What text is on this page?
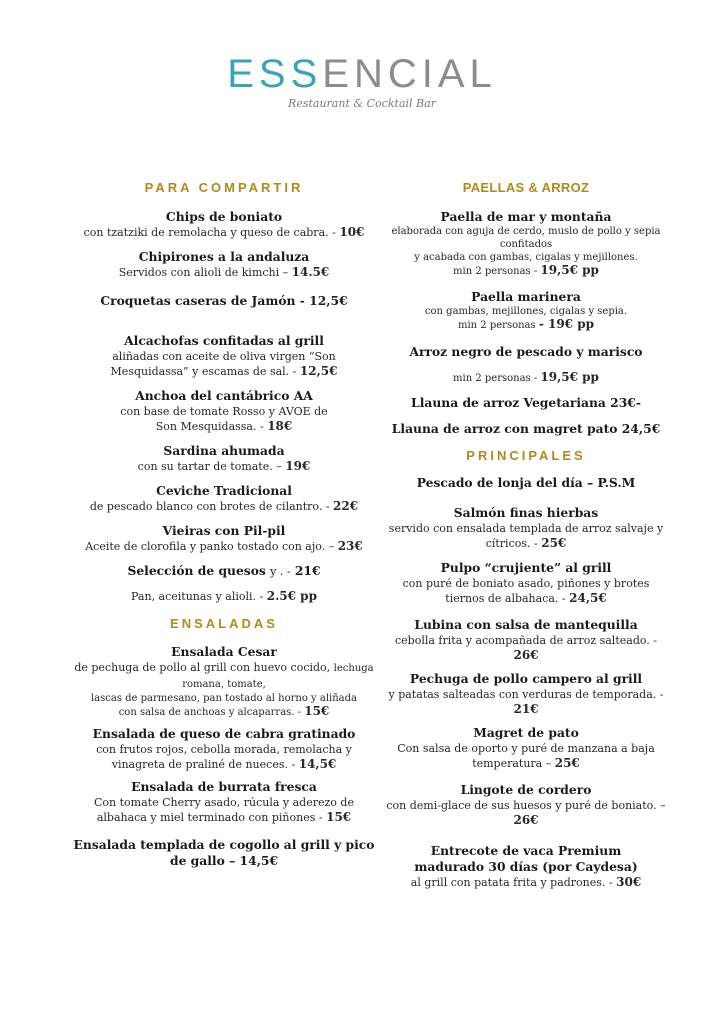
ESSENCIAL
Restaurant & Cocktail Bar
PARA COMPARTIR
Chips de boniato
con tzatziki de remolacha y queso de cabra. - 10€
Chipirones a la andaluza
Servidos con alioli de kimchi – 14.5€
Croquetas caseras de Jamón - 12,5€
Alcachofas confitadas al grill
aliñadas con aceite de oliva virgen “Son Mesquidassa” y escamas de sal. - 12,5€
Anchoa del cantábrico AA
con base de tomate Rosso y AVOE de Son Mesquidassa. - 18€
Sardina ahumada
con su tartar de tomate. – 19€
Ceviche Tradicional
de pescado blanco con brotes de cilantro. - 22€
Vieiras con Pil-pil
Aceite de clorofila y panko tostado con ajo. – 23€
Selección de quesos y . - 21€
Pan, aceitunas y alioli. - 2.5€ pp
ENSALADAS
Ensalada Cesar
de pechuga de pollo al grill con huevo cocido, lechuga romana, tomate,
lascas de parmesano, pan tostado al horno y aliñada con salsa de anchoas y alcaparras. - 15€
Ensalada de queso de cabra gratinado
con frutos rojos, cebolla morada, remolacha y vinagreta de praliné de nueces. - 14,5€
Ensalada de burrata fresca
Con tomate Cherry asado, rúcula y aderezo de albahaca y miel terminado con piñones - 15€
Ensalada templada de cogollo al grill y pico de gallo – 14,5€
PAELLAS & ARROZ
Paella de mar y montaña
elaborada con aguja de cerdo, muslo de pollo y sepia confitados
y acabada con gambas, cigalas y mejillones.
min 2 personas - 19,5€ pp
Paella marinera
con gambas, mejillones, cigalas y sepia.
min 2 personas - 19€ pp
Arroz negro de pescado y marisco
min 2 personas - 19,5€ pp
Llauna de arroz Vegetariana 23€-
Llauna de arroz con magret pato 24,5€
PRINCIPALES
Pescado de lonja del día – P.S.M
Salmón finas hierbas
servido con ensalada templada de arroz salvaje y cítricos. - 25€
Pulpo “crujiente” al grill
con puré de boniato asado, piñones y brotes tiernos de albahaca. - 24,5€
Lubina con salsa de mantequilla
cebolla frita y acompañada de arroz salteado. - 26€
Pechuga de pollo campero al grill
y patatas salteadas con verduras de temporada. - 21€
Magret de pato
Con salsa de oporto y puré de manzana a baja temperatura – 25€
Lingote de cordero
con demi-glace de sus huesos y puré de boniato. – 26€
Entrecote de vaca Premium madurado 30 días (por Caydesa)
al grill con patata frita y padrones. - 30€
